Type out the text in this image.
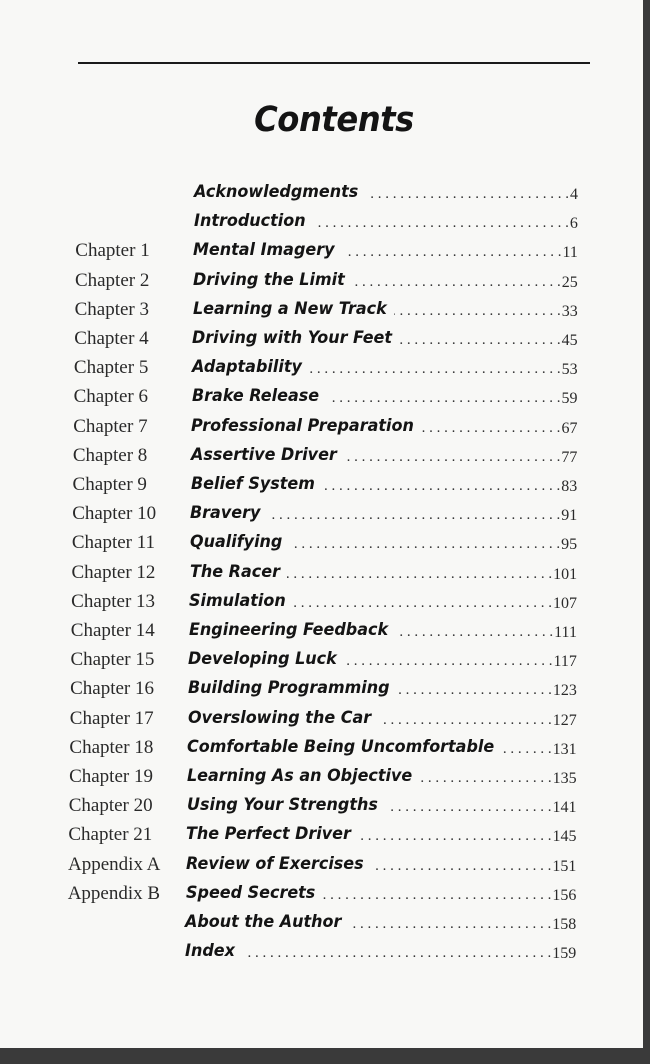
Contents
Acknowledgments . . .	4
Introduction . . .	6
Chapter 1	Mental Imagery . . .	11
Chapter 2	Driving the Limit . . .	25
Chapter 3	Learning a New Track . . .	33
Chapter 4	Driving with Your Feet . . .	45
Chapter 5	Adaptability . . .	53
Chapter 6	Brake Release . . .	59
Chapter 7	Professional Preparation . . .	67
Chapter 8	Assertive Driver . . .	77
Chapter 9	Belief System . . .	83
Chapter 10 Bravery . . .	91
Chapter 11 Qualifying . . .	95
Chapter 12 The Racer . . .	101
Chapter 13 Simulation . . .	107
Chapter 14 Engineering Feedback . . .	111
Chapter 15 Developing Luck . . .	117
Chapter 16 Building Programming . . .	123
Chapter 17 Overslowing the Car . . .	127
Chapter 18 Comfortable Being Uncomfortable . . .	131
Chapter 19 Learning As an Objective . . .	135
Chapter 20 Using Your Strengths . . .	141
Chapter 21 The Perfect Driver . . .	145
Appendix A Review of Exercises . . .	151
Appendix B Speed Secrets . . .	156
About the Author . . .	158
Index . . .	159
